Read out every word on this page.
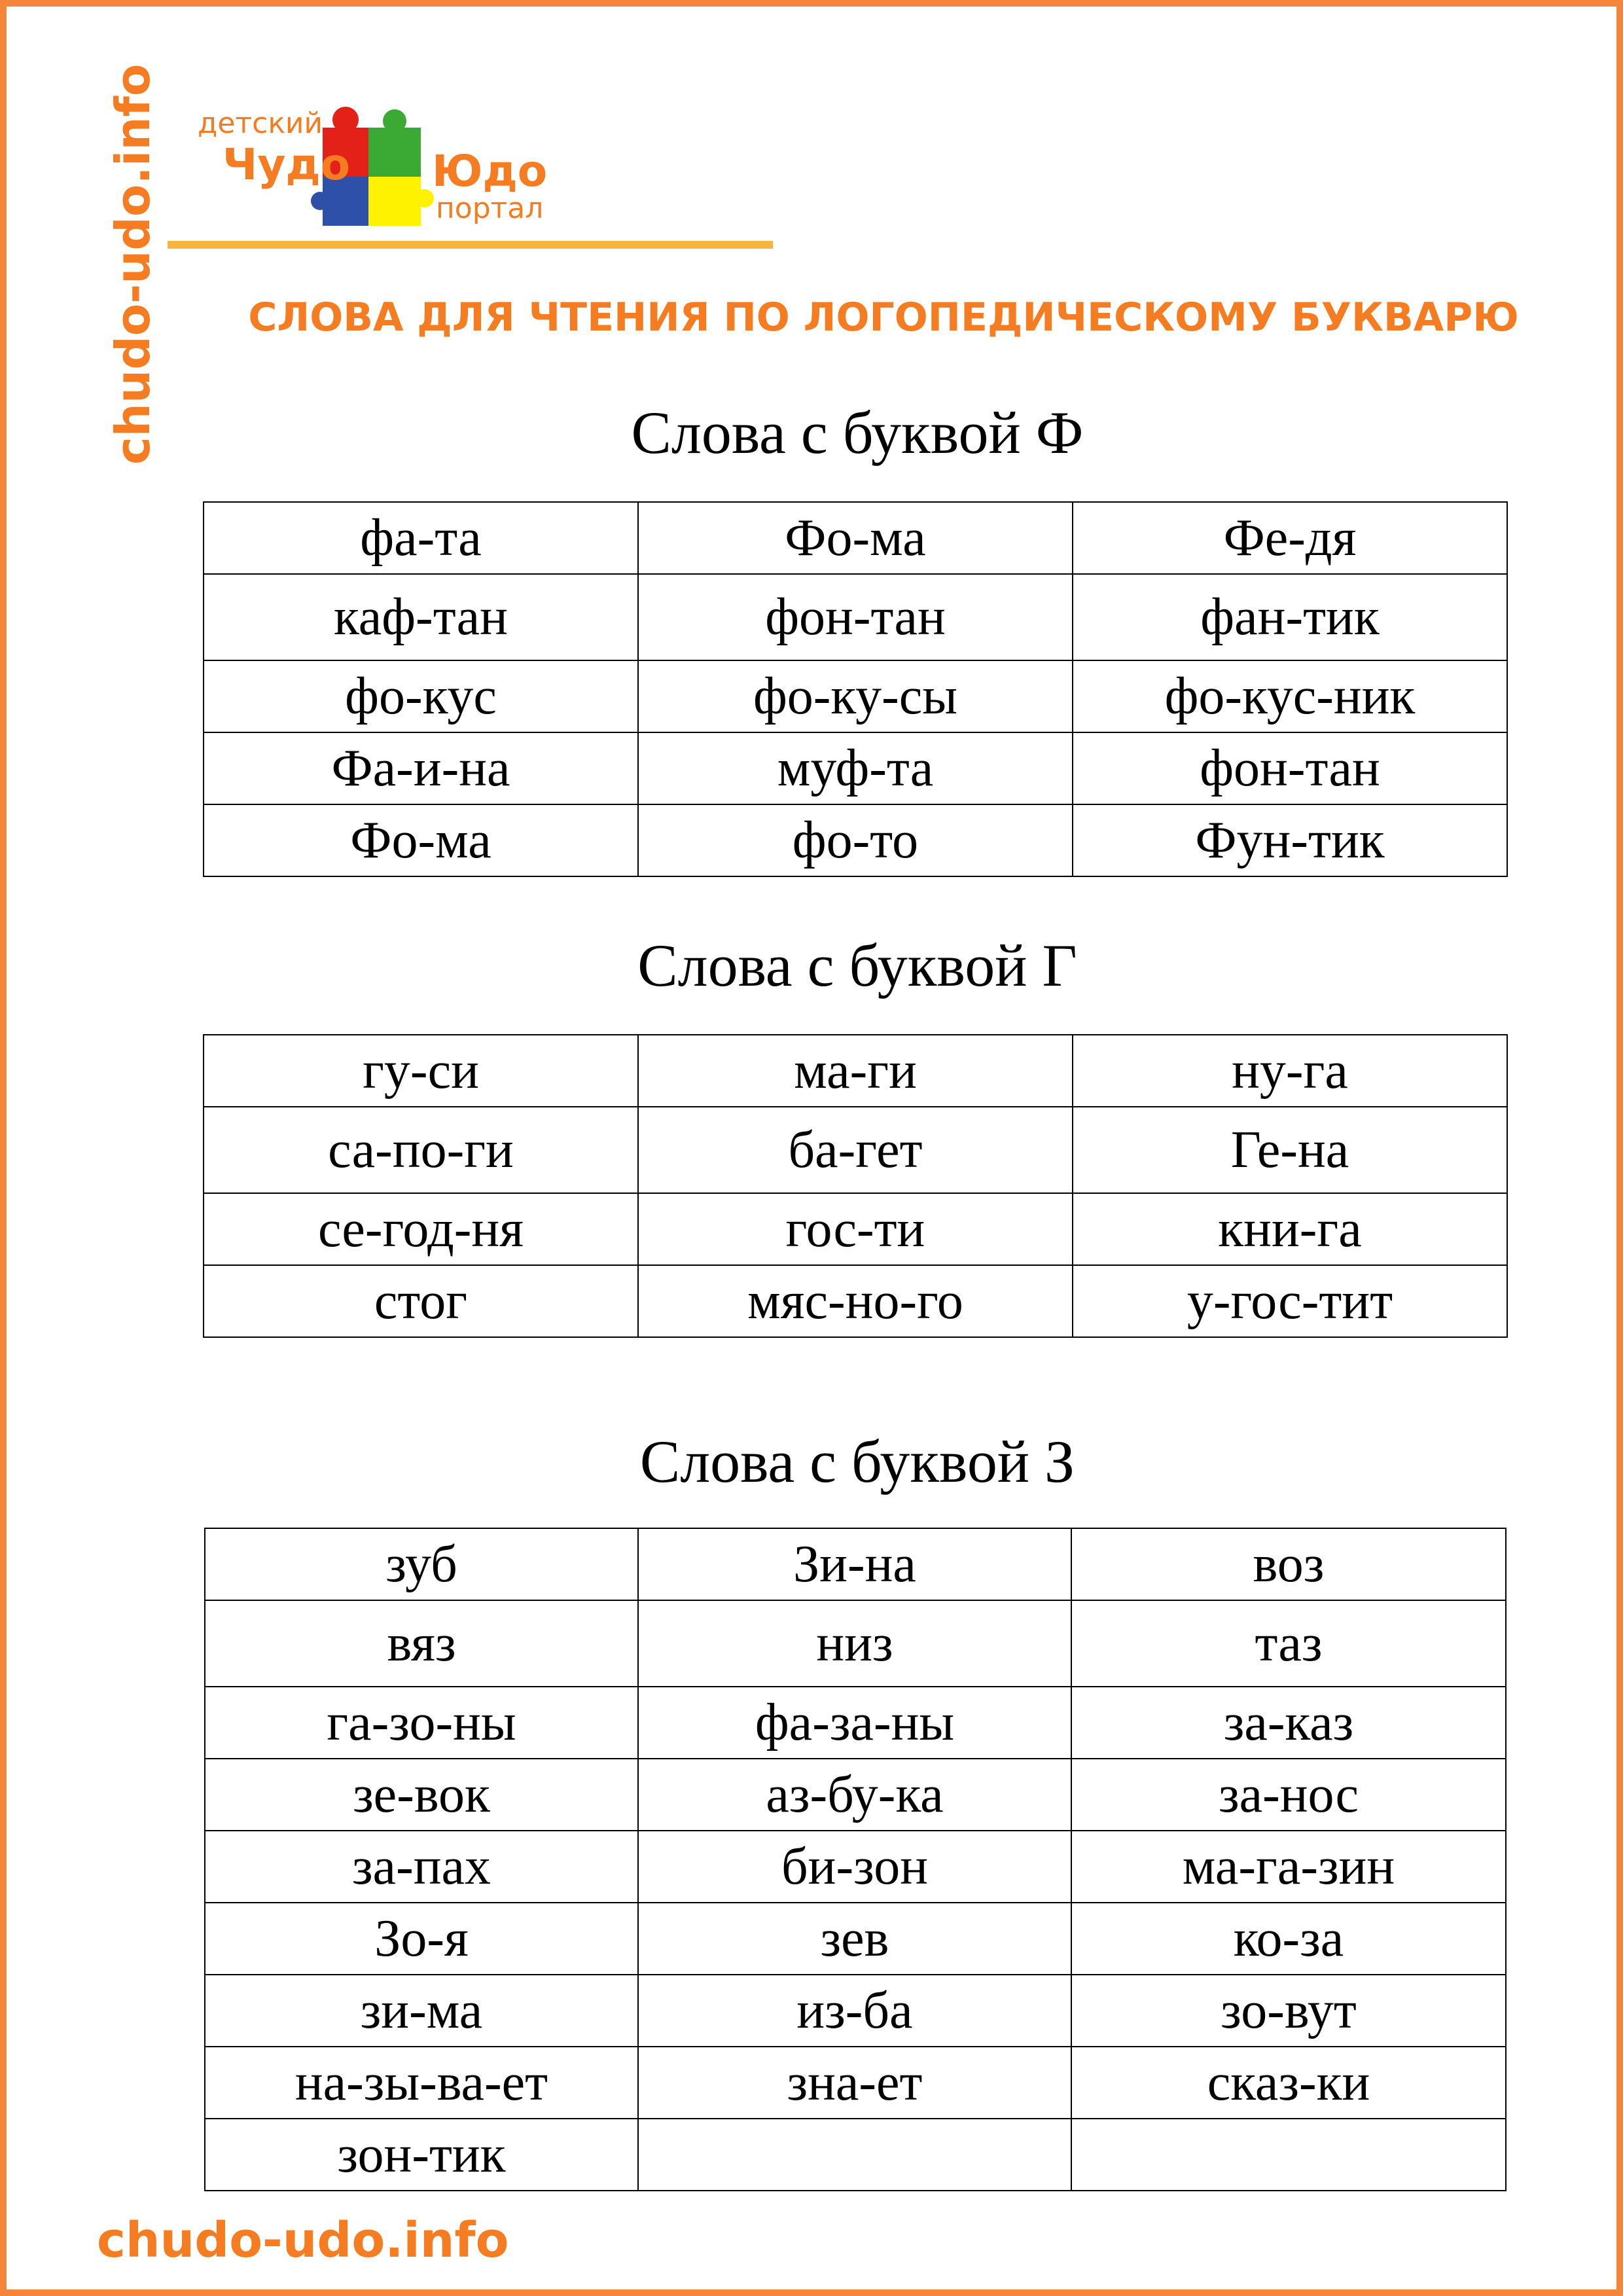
chudo-udo.info детский
Чудо Юдо
портал
СЛОВА ДЛЯ ЧТЕНИЯ ПО ЛОГОПЕДИЧЕСКОМУ БУКВАРЮ
Слова с буквой Ф
фа-та	Фо-ма	Фе-дя
каф-тан	фон-тан	фан-тик
фо-кус	фо-ку-сы	фо-кус-ник
Фа-и-на	муф-та	фон-тан
Фо-ма	фо-то	Фун-тик
Слова с буквой Г
гу-си	ма-ги	ну-га
са-по-ги	ба-гет	Ге-на
се-год-ня	гос-ти	кни-га
стог	мяс-но-го	у-гос-тит
Слова с буквой З
зуб	Зи-на	воз
вяз	низ	таз
га-зо-ны	фа-за-ны	за-каз
зе-вок	аз-бу-ка	за-нос
за-пах	би-зон	ма-га-зин
Зо-я	зев	ко-за
зи-ма	из-ба	зо-вут
на-зы-ва-ет	зна-ет	сказ-ки
зон-тик		
chudo-udo.info
